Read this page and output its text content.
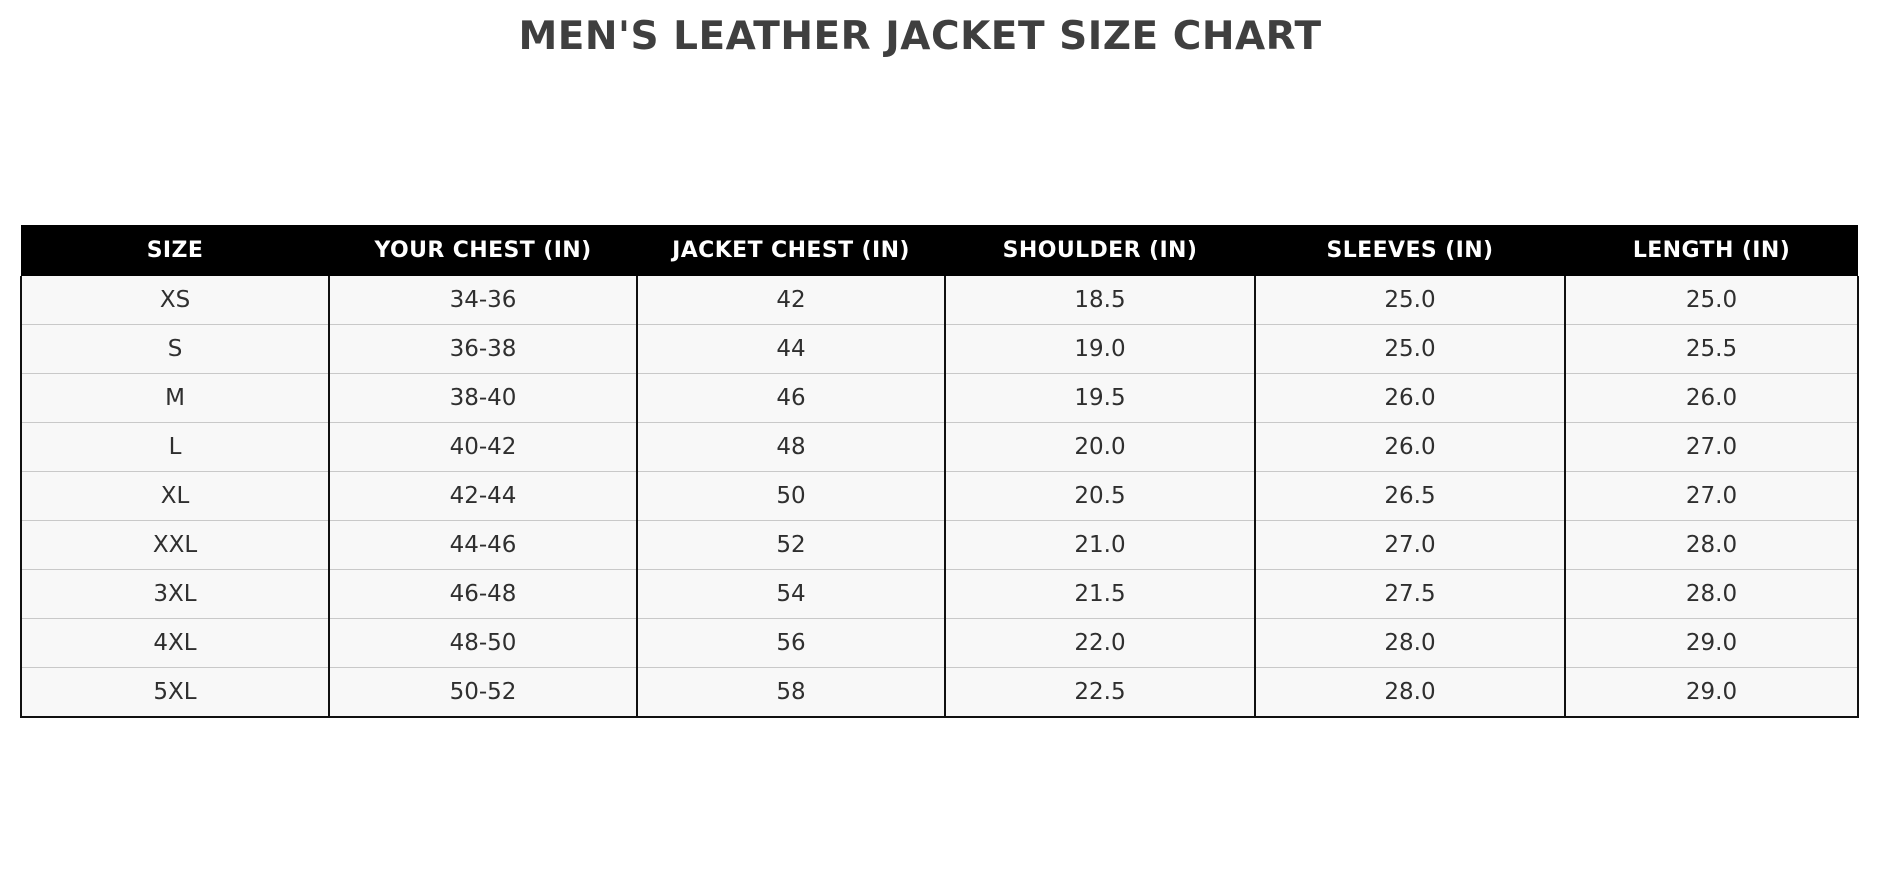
MEN'S LEATHER JACKET SIZE CHART
SIZE	YOUR CHEST (IN)	JACKET CHEST (IN)	SHOULDER (IN)	SLEEVES (IN)	LENGTH (IN)
XS	34-36	42	18.5	25.0	25.0
S	36-38	44	19.0	25.0	25.5
M	38-40	46	19.5	26.0	26.0
L	40-42	48	20.0	26.0	27.0
XL	42-44	50	20.5	26.5	27.0
XXL	44-46	52	21.0	27.0	28.0
3XL	46-48	54	21.5	27.5	28.0
4XL	48-50	56	22.0	28.0	29.0
5XL	50-52	58	22.5	28.0	29.0
